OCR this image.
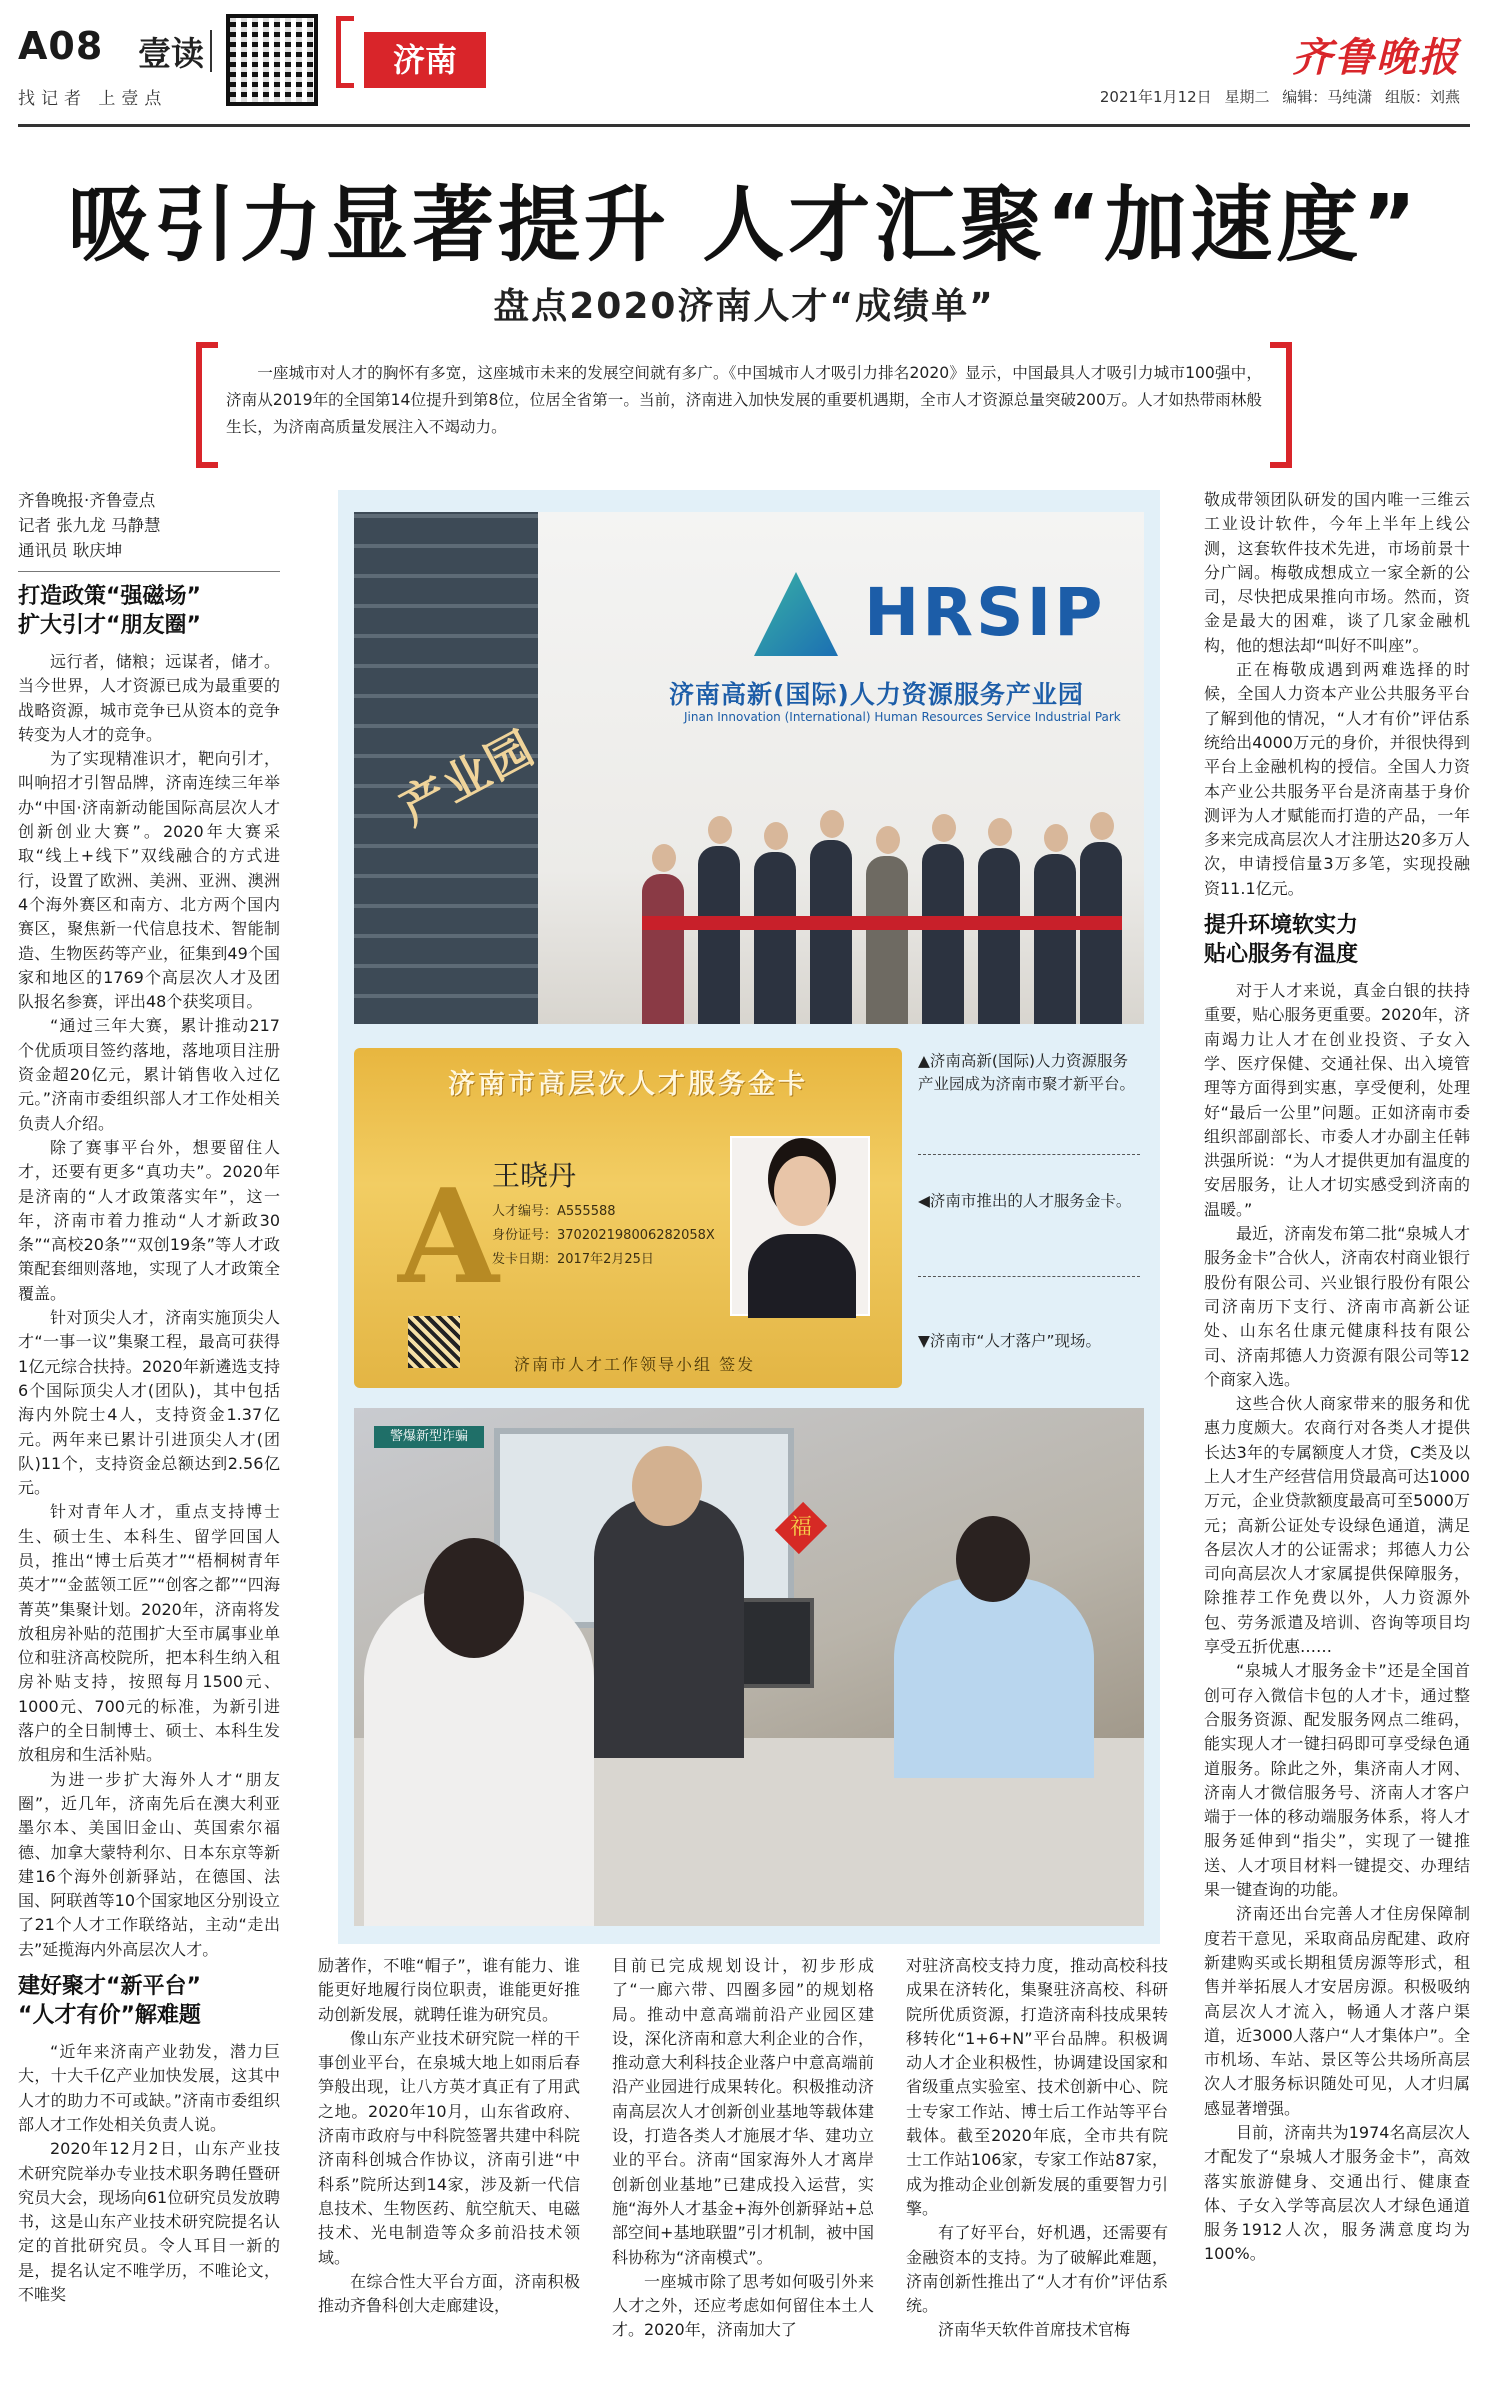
A08 壹读	济南
找记者 上壹点
齐鲁晚报
2021年1月12日 星期二 编辑：马纯潇 组版：刘燕
吸引力显著提升 人才汇聚“加速度”
盘点2020济南人才“成绩单”

一座城市对人才的胸怀有多宽，这座城市未来的发展空间就有多广。《中国城市人才吸引力排名2020》显示，中国最具人才吸引力城市100强中，济南从2019年的全国第14位提升到第8位，位居全省第一。当前，济南进入加快发展的重要机遇期，全市人才资源总量突破200万。人才如热带雨林般生长，为济南高质量发展注入不竭动力。

齐鲁晚报·齐鲁壹点
记者 张九龙 马静慧
通讯员 耿庆坤
打造政策“强磁场”
扩大引才“朋友圈”

远行者，储粮；远谋者，储才。当今世界，人才资源已成为最重要的战略资源，城市竞争已从资本的竞争转变为人才的竞争。

为了实现精准识才，靶向引才，叫响招才引智品牌，济南连续三年举办“中国·济南新动能国际高层次人才创新创业大赛”。2020年大赛采取“线上+线下”双线融合的方式进行，设置了欧洲、美洲、亚洲、澳洲4个海外赛区和南方、北方两个国内赛区，聚焦新一代信息技术、智能制造、生物医药等产业，征集到49个国家和地区的1769个高层次人才及团队报名参赛，评出48个获奖项目。

“通过三年大赛，累计推动217个优质项目签约落地，落地项目注册资金超20亿元，累计销售收入过亿元。”济南市委组织部人才工作处相关负责人介绍。

除了赛事平台外，想要留住人才，还要有更多“真功夫”。2020年是济南的“人才政策落实年”，这一年，济南市着力推动“人才新政30条”“高校20条”“双创19条”等人才政策配套细则落地，实现了人才政策全覆盖。

针对顶尖人才，济南实施顶尖人才“一事一议”集聚工程，最高可获得1亿元综合扶持。2020年新遴选支持6个国际顶尖人才(团队)，其中包括海内外院士4人，支持资金1.37亿元。两年来已累计引进顶尖人才(团队)11个，支持资金总额达到2.56亿元。

针对青年人才，重点支持博士生、硕士生、本科生、留学回国人员，推出“博士后英才”“梧桐树青年英才”“金蓝领工匠”“创客之都”“四海菁英”集聚计划。2020年，济南将发放租房补贴的范围扩大至市属事业单位和驻济高校院所，把本科生纳入租房补贴支持，按照每月1500元、1000元、700元的标准，为新引进落户的全日制博士、硕士、本科生发放租房和生活补贴。

为进一步扩大海外人才“朋友圈”，近几年，济南先后在澳大利亚墨尔本、美国旧金山、英国索尔福德、加拿大蒙特利尔、日本东京等新建16个海外创新驿站，在德国、法国、阿联酋等10个国家地区分别设立了21个人才工作联络站，主动“走出去”延揽海内外高层次人才。

建好聚才“新平台”
“人才有价”解难题

“近年来济南产业勃发，潜力巨大，十大千亿产业加快发展，这其中人才的助力不可或缺。”济南市委组织部人才工作处相关负责人说。

2020年12月2日，山东产业技术研究院举办专业技术职务聘任暨研究员大会，现场向61位研究员发放聘书，这是山东产业技术研究院提名认定的首批研究员。令人耳目一新的是，提名认定不唯学历，不唯论文，不唯奖

产业园
HRSIP
济南高新(国际)人力资源服务产业园
Jinan Innovation (International) Human Resources Service Industrial Park
济南市高层次人才服务金卡
A
王晓丹
人才编号：A555588
身份证号：370202198006282058X
发卡日期：2017年2月25日
济南市人才工作领导小组 签发
▲济南高新(国际)人力资源服务产业园成为济南市聚才新平台。
◀济南市推出的人才服务金卡。
▼济南市“人才落户”现场。
警爆新型诈骗
福

励著作，不唯“帽子”，谁有能力、谁能更好地履行岗位职责，谁能更好推动创新发展，就聘任谁为研究员。

像山东产业技术研究院一样的干事创业平台，在泉城大地上如雨后春笋般出现，让八方英才真正有了用武之地。2020年10月，山东省政府、济南市政府与中科院签署共建中科院济南科创城合作协议，济南引进“中科系”院所达到14家，涉及新一代信息技术、生物医药、航空航天、电磁技术、光电制造等众多前沿技术领域。

在综合性大平台方面，济南积极推动齐鲁科创大走廊建设，

目前已完成规划设计，初步形成了“一廊六带、四圈多园”的规划格局。推动中意高端前沿产业园区建设，深化济南和意大利企业的合作，推动意大利科技企业落户中意高端前沿产业园进行成果转化。积极推动济南高层次人才创新创业基地等载体建设，打造各类人才施展才华、建功立业的平台。济南“国家海外人才离岸创新创业基地”已建成投入运营，实施“海外人才基金+海外创新驿站+总部空间+基地联盟”引才机制，被中国科协称为“济南模式”。

一座城市除了思考如何吸引外来人才之外，还应考虑如何留住本土人才。2020年，济南加大了

对驻济高校支持力度，推动高校科技成果在济转化，集聚驻济高校、科研院所优质资源，打造济南科技成果转移转化“1+6+N”平台品牌。积极调动人才企业积极性，协调建设国家和省级重点实验室、技术创新中心、院士专家工作站、博士后工作站等平台载体。截至2020年底，全市共有院士工作站106家，专家工作站87家，成为推动企业创新发展的重要智力引擎。

有了好平台，好机遇，还需要有金融资本的支持。为了破解此难题，济南创新性推出了“人才有价”评估系统。

济南华天软件首席技术官梅

敬成带领团队研发的国内唯一三维云工业设计软件，今年上半年上线公测，这套软件技术先进，市场前景十分广阔。梅敬成想成立一家全新的公司，尽快把成果推向市场。然而，资金是最大的困难，谈了几家金融机构，他的想法却“叫好不叫座”。

正在梅敬成遇到两难选择的时候，全国人力资本产业公共服务平台了解到他的情况，“人才有价”评估系统给出4000万元的身价，并很快得到平台上金融机构的授信。全国人力资本产业公共服务平台是济南基于身价测评为人才赋能而打造的产品，一年多来完成高层次人才注册达20多万人次，申请授信量3万多笔，实现投融资11.1亿元。

提升环境软实力
贴心服务有温度

对于人才来说，真金白银的扶持重要，贴心服务更重要。2020年，济南竭力让人才在创业投资、子女入学、医疗保健、交通社保、出入境管理等方面得到实惠，享受便利，处理好“最后一公里”问题。正如济南市委组织部副部长、市委人才办副主任韩洪强所说：“为人才提供更加有温度的安居服务，让人才切实感受到济南的温暖。”

最近，济南发布第二批“泉城人才服务金卡”合伙人，济南农村商业银行股份有限公司、兴业银行股份有限公司济南历下支行、济南市高新公证处、山东名仕康元健康科技有限公司、济南邦德人力资源有限公司等12个商家入选。

这些合伙人商家带来的服务和优惠力度颇大。农商行对各类人才提供长达3年的专属额度人才贷，C类及以上人才生产经营信用贷最高可达1000万元，企业贷款额度最高可至5000万元；高新公证处专设绿色通道，满足各层次人才的公证需求；邦德人力公司向高层次人才家属提供保障服务，除推荐工作免费以外，人力资源外包、劳务派遣及培训、咨询等项目均享受五折优惠……

“泉城人才服务金卡”还是全国首创可存入微信卡包的人才卡，通过整合服务资源、配发服务网点二维码，能实现人才一键扫码即可享受绿色通道服务。除此之外，集济南人才网、济南人才微信服务号、济南人才客户端于一体的移动端服务体系，将人才服务延伸到“指尖”，实现了一键推送、人才项目材料一键提交、办理结果一键查询的功能。

济南还出台完善人才住房保障制度若干意见，采取商品房配建、政府新建购买或长期租赁房源等形式，租售并举拓展人才安居房源。积极吸纳高层次人才流入，畅通人才落户渠道，近3000人落户“人才集体户”。全市机场、车站、景区等公共场所高层次人才服务标识随处可见，人才归属感显著增强。

目前，济南共为1974名高层次人才配发了“泉城人才服务金卡”，高效落实旅游健身、交通出行、健康查体、子女入学等高层次人才绿色通道服务1912人次，服务满意度均为100%。
